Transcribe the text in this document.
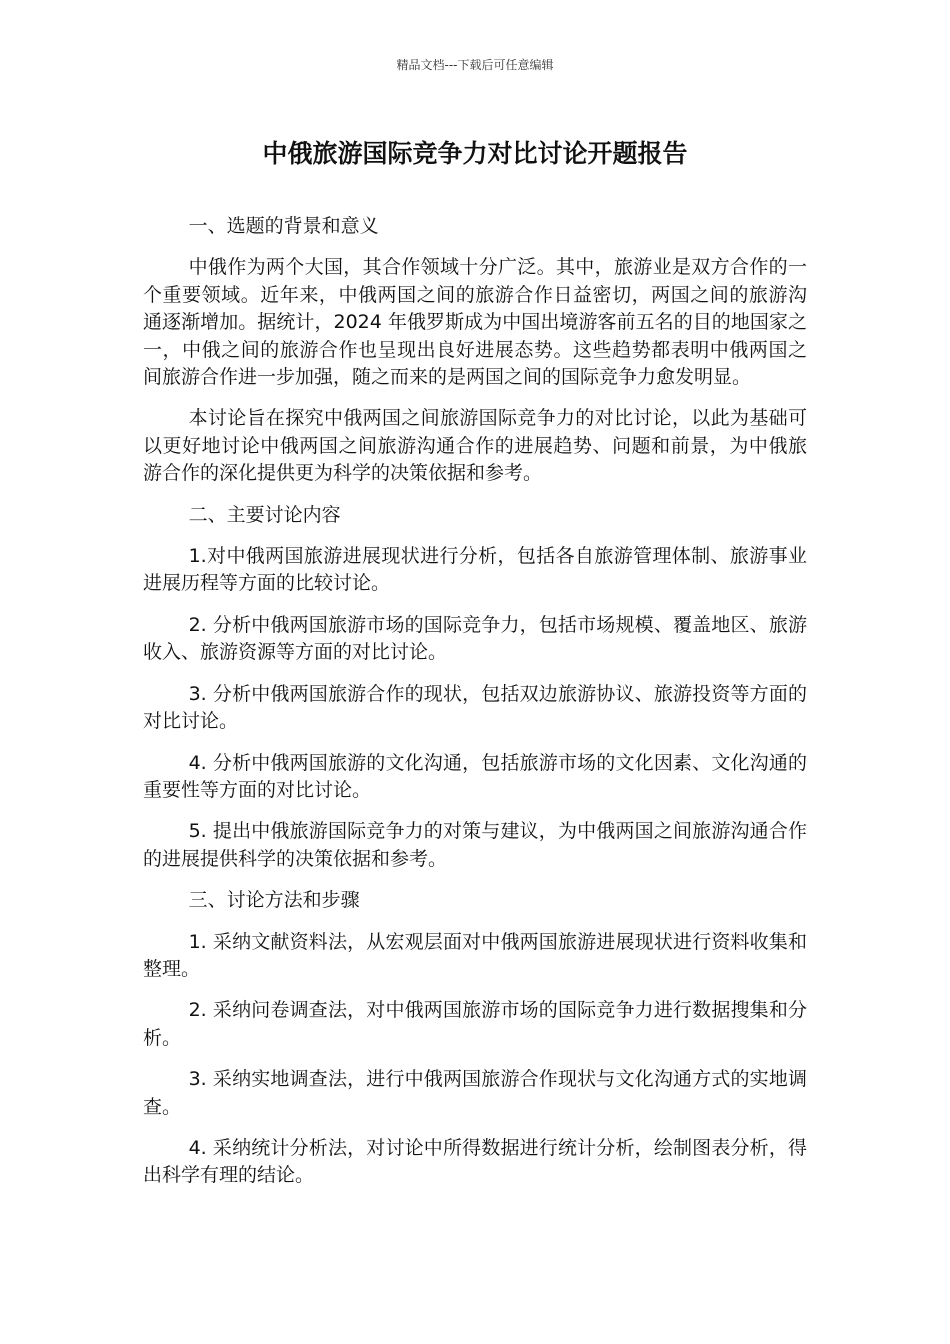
精品文档---下载后可任意编辑
中俄旅游国际竞争力对比讨论开题报告

一、选题的背景和意义

中俄作为两个大国，其合作领域十分广泛。其中，旅游业是双方合作的一个重要领域。近年来，中俄两国之间的旅游合作日益密切，两国之间的旅游沟通逐渐增加。据统计，2024 年俄罗斯成为中国出境游客前五名的目的地国家之一，中俄之间的旅游合作也呈现出良好进展态势。这些趋势都表明中俄两国之间旅游合作进一步加强，随之而来的是两国之间的国际竞争力愈发明显。

本讨论旨在探究中俄两国之间旅游国际竞争力的对比讨论，以此为基础可以更好地讨论中俄两国之间旅游沟通合作的进展趋势、问题和前景，为中俄旅游合作的深化提供更为科学的决策依据和参考。

二、主要讨论内容

1.对中俄两国旅游进展现状进行分析，包括各自旅游管理体制、旅游事业进展历程等方面的比较讨论。

2. 分析中俄两国旅游市场的国际竞争力，包括市场规模、覆盖地区、旅游收入、旅游资源等方面的对比讨论。

3. 分析中俄两国旅游合作的现状，包括双边旅游协议、旅游投资等方面的对比讨论。

4. 分析中俄两国旅游的文化沟通，包括旅游市场的文化因素、文化沟通的重要性等方面的对比讨论。

5. 提出中俄旅游国际竞争力的对策与建议，为中俄两国之间旅游沟通合作的进展提供科学的决策依据和参考。

三、讨论方法和步骤

1. 采纳文献资料法，从宏观层面对中俄两国旅游进展现状进行资料收集和整理。

2. 采纳问卷调查法，对中俄两国旅游市场的国际竞争力进行数据搜集和分析。

3. 采纳实地调查法，进行中俄两国旅游合作现状与文化沟通方式的实地调查。

4. 采纳统计分析法，对讨论中所得数据进行统计分析，绘制图表分析，得出科学有理的结论。
